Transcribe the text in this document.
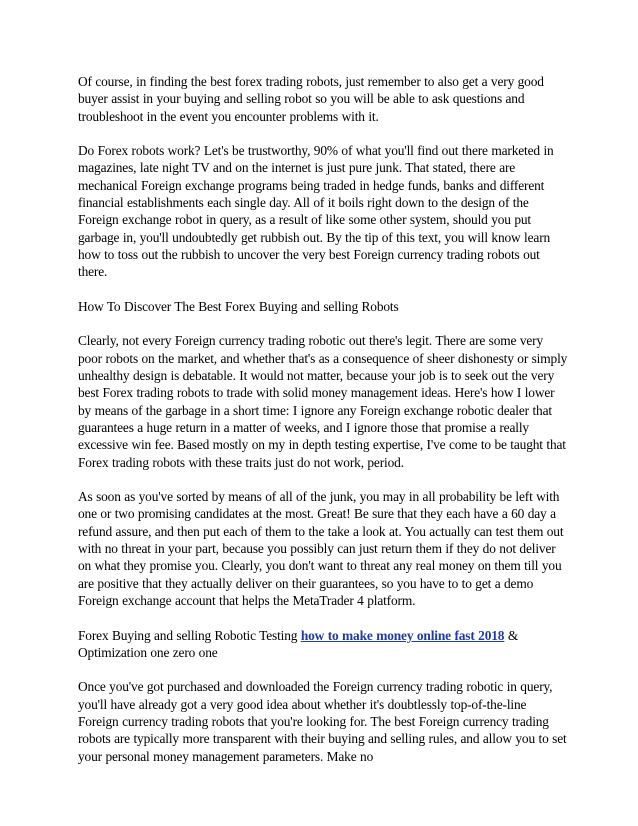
Of course, in finding the best forex trading robots, just remember to also get a very good buyer assist in your buying and selling robot so you will be able to ask questions and troubleshoot in the event you encounter problems with it.

Do Forex robots work? Let's be trustworthy, 90% of what you'll find out there marketed in magazines, late night TV and on the internet is just pure junk. That stated, there are mechanical Foreign exchange programs being traded in hedge funds, banks and different financial establishments each single day. All of it boils right down to the design of the Foreign exchange robot in query, as a result of like some other system, should you put garbage in, you'll undoubtedly get rubbish out. By the tip of this text, you will know learn how to toss out the rubbish to uncover the very best Foreign currency trading robots out there.

How To Discover The Best Forex Buying and selling Robots

Clearly, not every Foreign currency trading robotic out there's legit. There are some very poor robots on the market, and whether that's as a consequence of sheer dishonesty or simply unhealthy design is debatable. It would not matter, because your job is to seek out the very best Forex trading robots to trade with solid money management ideas. Here's how I lower by means of the garbage in a short time: I ignore any Foreign exchange robotic dealer that guarantees a huge return in a matter of weeks, and I ignore those that promise a really excessive win fee. Based mostly on my in depth testing expertise, I've come to be taught that Forex trading robots with these traits just do not work, period.

As soon as you've sorted by means of all of the junk, you may in all probability be left with one or two promising candidates at the most. Great! Be sure that they each have a 60 day a refund assure, and then put each of them to the take a look at. You actually can test them out with no threat in your part, because you possibly can just return them if they do not deliver on what they promise you. Clearly, you don't want to threat any real money on them till you are positive that they actually deliver on their guarantees, so you have to to get a demo Foreign exchange account that helps the MetaTrader 4 platform.

Forex Buying and selling Robotic Testing how to make money online fast 2018 & Optimization one zero one

Once you've got purchased and downloaded the Foreign currency trading robotic in query, you'll have already got a very good idea about whether it's doubtlessly top-of-the-line Foreign currency trading robots that you're looking for. The best Foreign currency trading robots are typically more transparent with their buying and selling rules, and allow you to set your personal money management parameters. Make no
